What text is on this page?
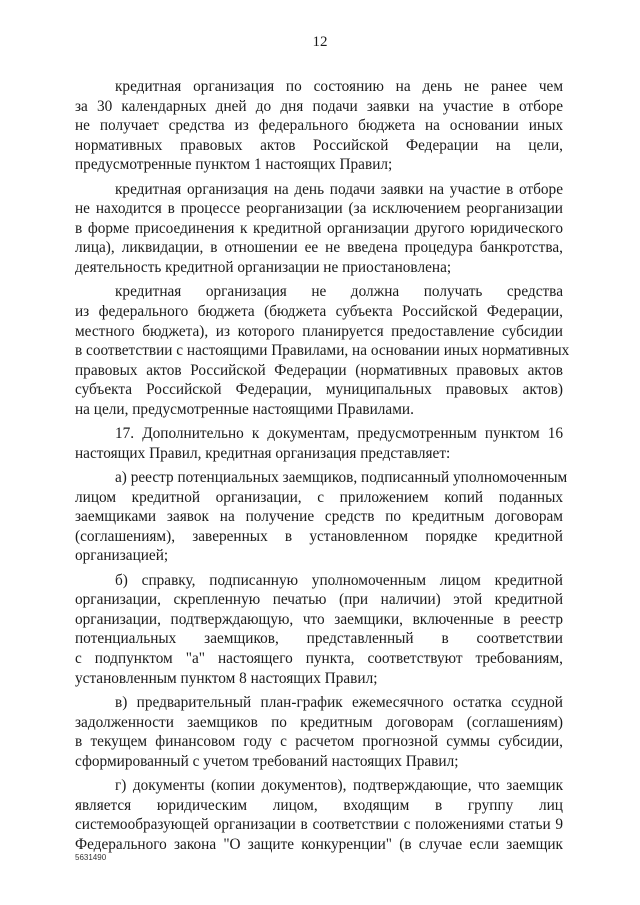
12

кредитная организация по состоянию на день не ранее чем
за 30 календарных дней до дня подачи заявки на участие в отборе
не получает средства из федерального бюджета на основании иных
нормативных правовых актов Российской Федерации на цели,
предусмотренные пунктом 1 настоящих Правил;

кредитная организация на день подачи заявки на участие в отборе
не находится в процессе реорганизации (за исключением реорганизации
в форме присоединения к кредитной организации другого юридического
лица), ликвидации, в отношении ее не введена процедура банкротства,
деятельность кредитной организации не приостановлена;

кредитная организация не должна получать средства
из федерального бюджета (бюджета субъекта Российской Федерации,
местного бюджета), из которого планируется предоставление субсидии
в соответствии с настоящими Правилами, на основании иных нормативных
правовых актов Российской Федерации (нормативных правовых актов
субъекта Российской Федерации, муниципальных правовых актов)
на цели, предусмотренные настоящими Правилами.

17. Дополнительно к документам, предусмотренным пунктом 16
настоящих Правил, кредитная организация представляет:

а) реестр потенциальных заемщиков, подписанный уполномоченным
лицом кредитной организации, с приложением копий поданных
заемщиками заявок на получение средств по кредитным договорам
(соглашениям), заверенных в установленном порядке кредитной
организацией;

б) справку, подписанную уполномоченным лицом кредитной
организации, скрепленную печатью (при наличии) этой кредитной
организации, подтверждающую, что заемщики, включенные в реестр
потенциальных заемщиков, представленный в соответствии
с подпунктом "а" настоящего пункта, соответствуют требованиям,
установленным пунктом 8 настоящих Правил;

в) предварительный план-график ежемесячного остатка ссудной
задолженности заемщиков по кредитным договорам (соглашениям)
в текущем финансовом году с расчетом прогнозной суммы субсидии,
сформированный с учетом требований настоящих Правил;

г) документы (копии документов), подтверждающие, что заемщик
является юридическим лицом, входящим в группу лиц
системообразующей организации в соответствии с положениями статьи 9
Федерального закона "О защите конкуренции" (в случае если заемщик

5631490
